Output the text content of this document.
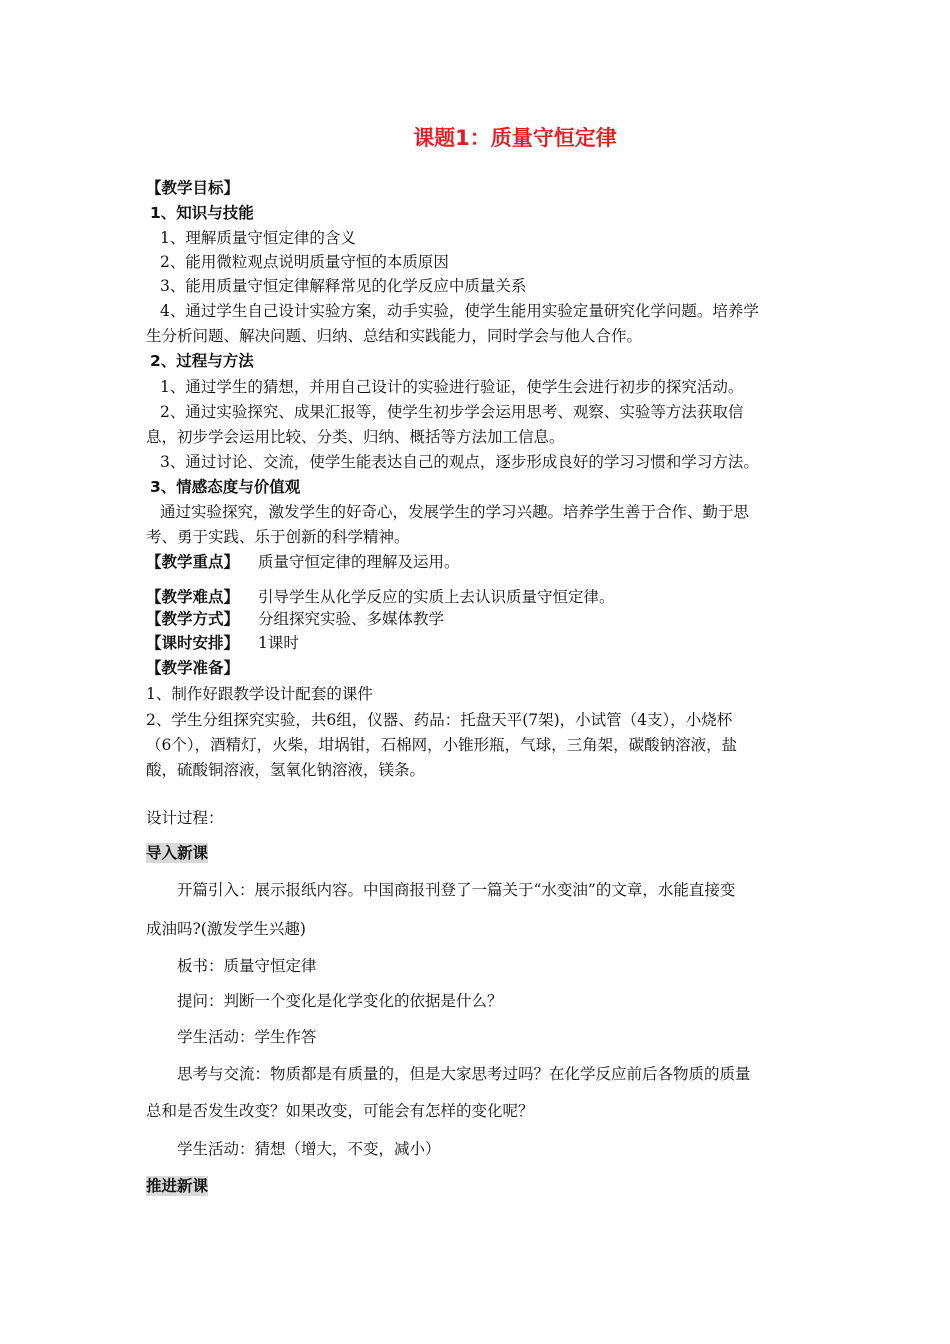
课题1：质量守恒定律
【教学目标】
1、知识与技能
1、理解质量守恒定律的含义
2、能用微粒观点说明质量守恒的本质原因
3、能用质量守恒定律解释常见的化学反应中质量关系
4、通过学生自己设计实验方案，动手实验，使学生能用实验定量研究化学问题。培养学
生分析问题、解决问题、归纳、总结和实践能力，同时学会与他人合作。
2、过程与方法
1、通过学生的猜想，并用自己设计的实验进行验证，使学生会进行初步的探究活动。
2、通过实验探究、成果汇报等，使学生初步学会运用思考、观察、实验等方法获取信
息，初步学会运用比较、分类、归纳、概括等方法加工信息。
3、通过讨论、交流，使学生能表达自己的观点，逐步形成良好的学习习惯和学习方法。
3、情感态度与价值观
通过实验探究，激发学生的好奇心，发展学生的学习兴趣。培养学生善于合作、勤于思
考、勇于实践、乐于创新的科学精神。
【教学重点】 质量守恒定律的理解及运用。
【教学难点】 引导学生从化学反应的实质上去认识质量守恒定律。
【教学方式】 分组探究实验、多媒体教学
【课时安排】 1课时
【教学准备】
1、制作好跟教学设计配套的课件
2、学生分组探究实验，共6组，仪器、药品：托盘天平(7架)，小试管（4支），小烧杯
（6个），酒精灯，火柴，坩埚钳，石棉网，小锥形瓶，气球，三角架，碳酸钠溶液，盐
酸，硫酸铜溶液，氢氧化钠溶液，镁条。
设计过程：
导入新课
开篇引入：展示报纸内容。中国商报刊登了一篇关于“水变油”的文章，水能直接变
成油吗?(激发学生兴趣)
板书：质量守恒定律
提问：判断一个变化是化学变化的依据是什么？
学生活动：学生作答
思考与交流：物质都是有质量的，但是大家思考过吗？在化学反应前后各物质的质量
总和是否发生改变？如果改变，可能会有怎样的变化呢？
学生活动：猜想（增大，不变，减小）
推进新课
